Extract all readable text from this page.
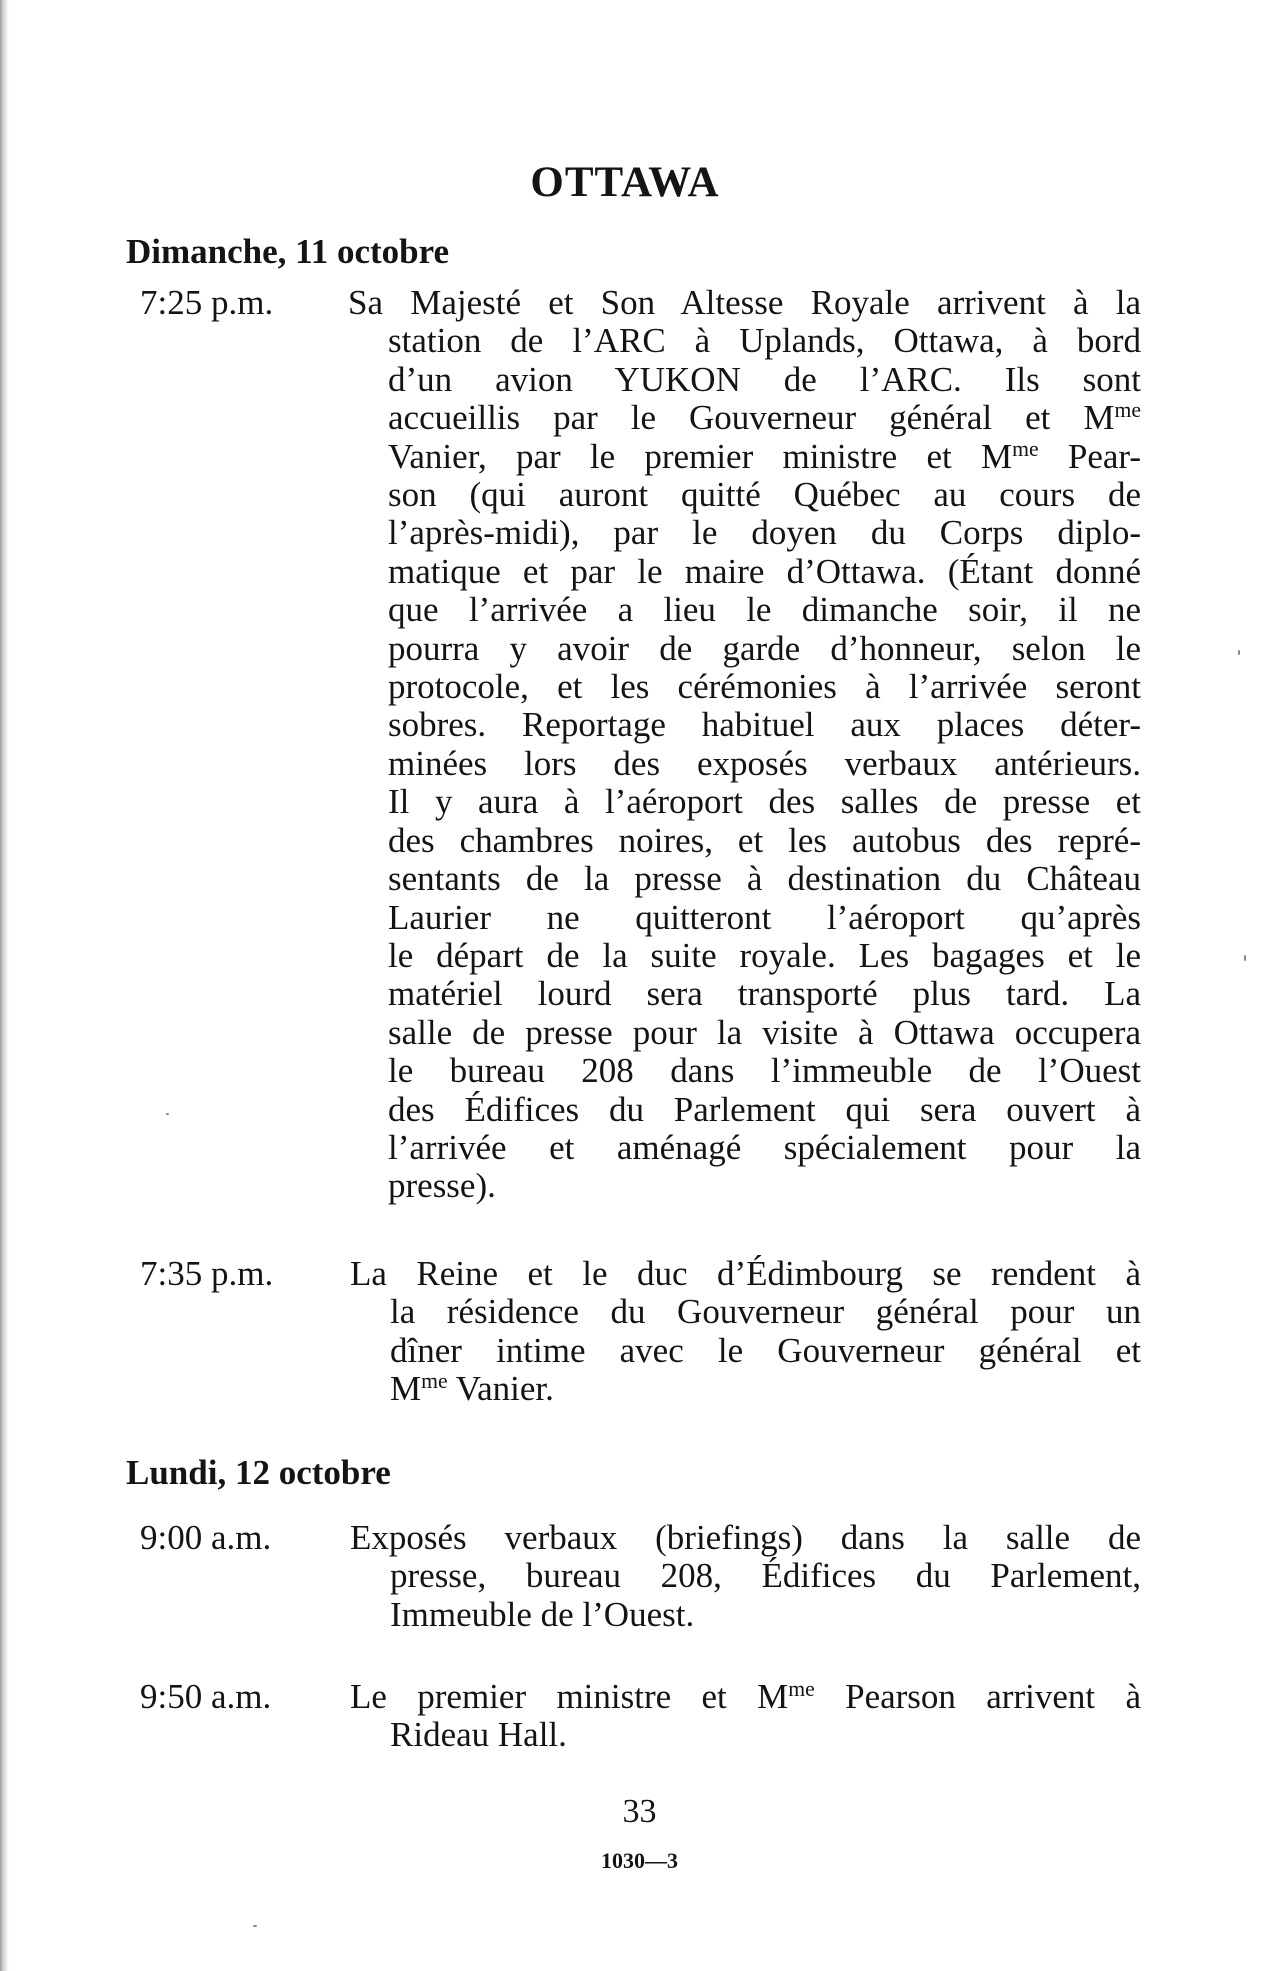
OTTAWA
Dimanche, 11 octobre
7:25 p.m. Sa Majesté et Son Altesse Royale arrivent à la
station de l’ARC à Uplands, Ottawa, à bord
d’un avion YUKON de l’ARC. Ils sont
accueillis par le Gouverneur général et $M^{me}$
Vanier, par le premier ministre et $M^{me}$ Pear-
son (qui auront quitté Québec au cours de
l’après-midi), par le doyen du Corps diplo-
matique et par le maire d’Ottawa. (Étant donné
que l’arrivée a lieu le dimanche soir, il ne
pourra y avoir de garde d’honneur, selon le
protocole, et les cérémonies à l’arrivée seront
sobres. Reportage habituel aux places déter-
minées lors des exposés verbaux antérieurs.
Il y aura à l’aéroport des salles de presse et
des chambres noires, et les autobus des repré-
sentants de la presse à destination du Château
Laurier ne quitteront l’aéroport qu’après
le départ de la suite royale. Les bagages et le
matériel lourd sera transporté plus tard. La
salle de presse pour la visite à Ottawa occupera
le bureau 208 dans l’immeuble de l’Ouest
des Édifices du Parlement qui sera ouvert à
l’arrivée et aménagé spécialement pour la
presse).
7:35 p.m. La Reine et le duc d’Édimbourg se rendent à
la résidence du Gouverneur général pour un
dîner intime avec le Gouverneur général et
$M^{me}$ Vanier.
Lundi, 12 octobre
9:00 a.m. Exposés verbaux (briefings) dans la salle de
presse, bureau 208, Édifices du Parlement,
Immeuble de l’Ouest.
9:50 a.m. Le premier ministre et $M^{me}$ Pearson arrivent à
Rideau Hall.
33
1030—3
